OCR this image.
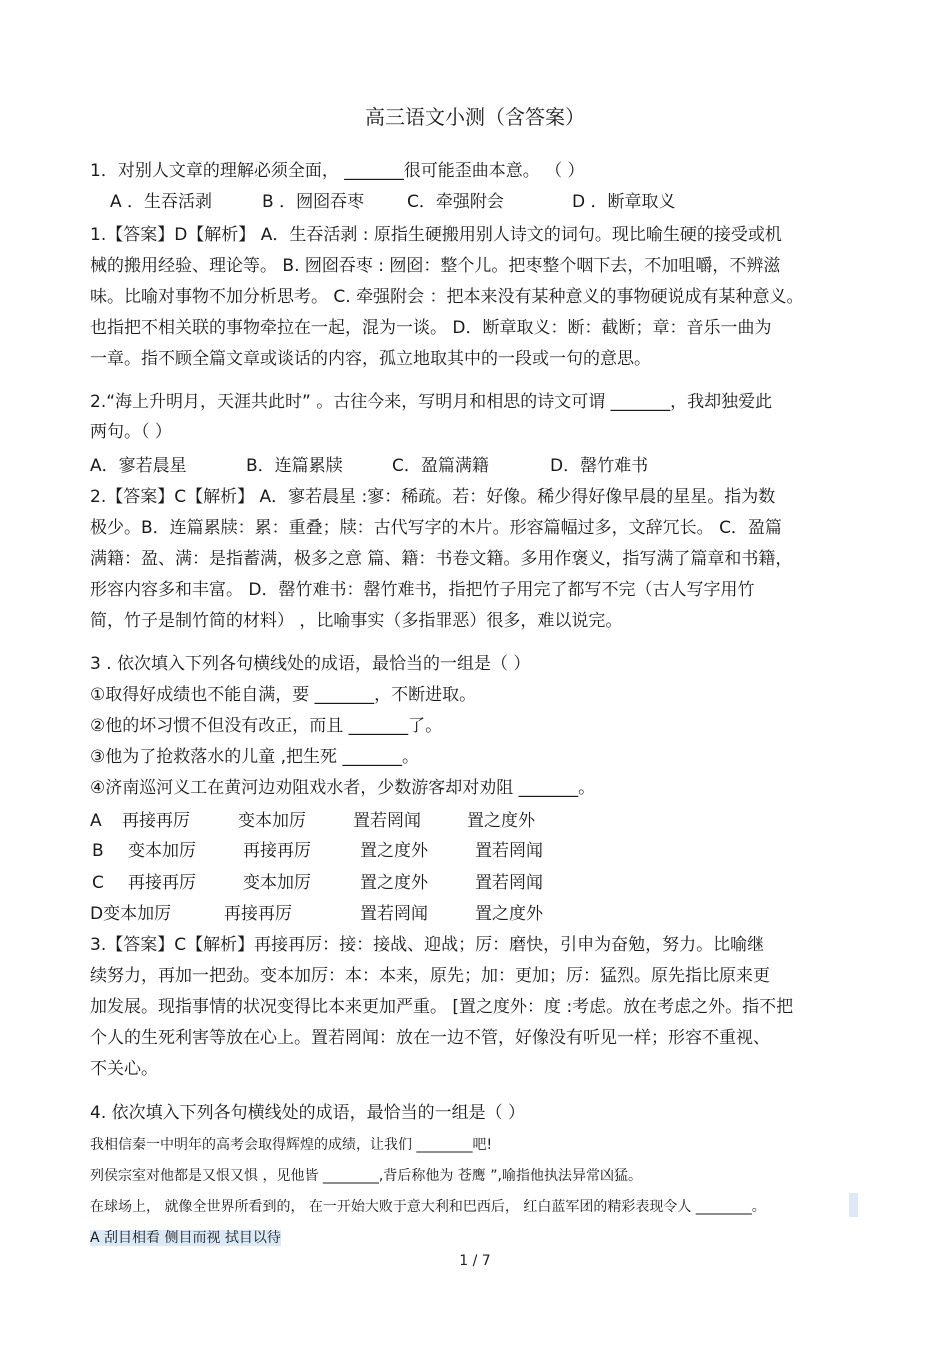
高三语文小测（含答案）
1．对别人文章的理解必须全面， _______很可能歪曲本意。 （ ）
A ．生吞活剥	B ．囫囵吞枣	C．牵强附会	D ．断章取义
1.【答案】D【解析】 A．生吞活剥 : 原指生硬搬用别人诗文的词句。现比喻生硬的接受或机
械的搬用经验、理论等。 B. 囫囵吞枣 : 囫囵：整个儿。把枣整个咽下去，不加咀嚼，不辨滋
味。比喻对事物不加分析思考。 C. 牵强附会 ：把本来没有某种意义的事物硬说成有某种意义。
也指把不相关联的事物牵拉在一起，混为一谈。 D．断章取义：断：截断；章：音乐一曲为
一章。指不顾全篇文章或谈话的内容，孤立地取其中的一段或一句的意思。
2.“海上升明月，天涯共此时” 。古往今来，写明月和相思的诗文可谓 _______，我却独爱此
两句。（ ）
A．寥若晨星	B．连篇累牍	C．盈篇满籍	D．罄竹难书
2.【答案】C【解析】 A．寥若晨星 :寥：稀疏。若：好像。稀少得好像早晨的星星。指为数
极少。B．连篇累牍：累：重叠；牍：古代写字的木片。形容篇幅过多，文辞冗长。 C．盈篇
满籍：盈、满：是指蓄满，极多之意 篇、籍：书卷文籍。多用作褒义，指写满了篇章和书籍，
形容内容多和丰富。 D．罄竹难书：罄竹难书，指把竹子用完了都写不完（古人写字用竹
简，竹子是制竹简的材料） ，比喻事实（多指罪恶）很多，难以说完。
3 . 依次填入下列各句横线处的成语，最恰当的一组是（ ）
①取得好成绩也不能自满，要 _______，不断进取。
②他的坏习惯不但没有改正，而且 _______了。
③他为了抢救落水的儿童 ,把生死 _______。
④济南巡河义工在黄河边劝阻戏水者，少数游客却对劝阻 _______。
A 再接再厉	变本加厉	置若罔闻	置之度外
B 变本加厉	再接再厉	置之度外	置若罔闻
C 再接再厉	变本加厉	置之度外	置若罔闻
D变本加厉	再接再厉	置若罔闻	置之度外
3.【答案】C【解析】再接再厉：接：接战、迎战；厉：磨快，引申为奋勉，努力。比喻继
续努力，再加一把劲。变本加厉：本：本来，原先；加：更加；厉：猛烈。原先指比原来更
加发展。现指事情的状况变得比本来更加严重。 [置之度外：度 :考虑。放在考虑之外。指不把
个人的生死利害等放在心上。置若罔闻：放在一边不管，好像没有听见一样；形容不重视、
不关心。
4. 依次填入下列各句横线处的成语，最恰当的一组是（ ）
我相信秦一中明年的高考会取得辉煌的成绩，让我们 ________吧!
列侯宗室对他都是又恨又惧 ，见他皆 ________,背后称他为 苍鹰 ”,喻指他执法异常凶猛。
在球场上， 就像全世界所看到的， 在一开始大败于意大利和巴西后， 红白蓝军团的精彩表现令人 ________。
A 刮目相看 侧目而视 拭目以待
1 / 7
